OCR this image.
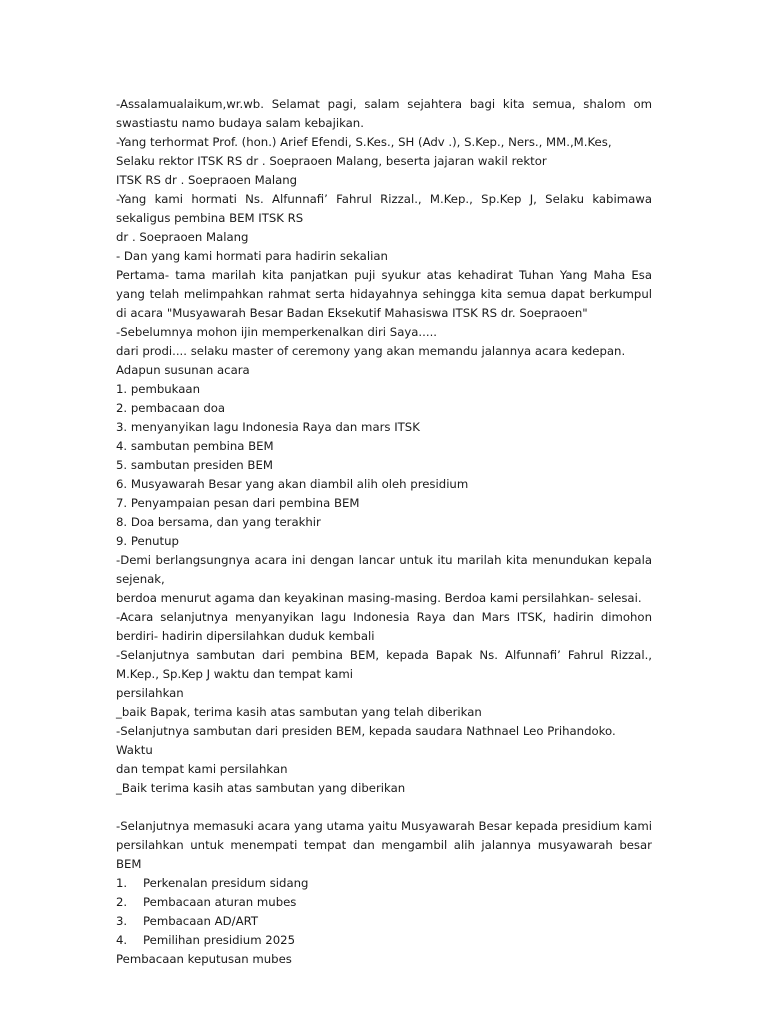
-Assalamualaikum,wr.wb. Selamat pagi, salam sejahtera bagi kita semua, shalom om swastiastu namo budaya salam kebajikan.

-Yang terhormat Prof. (hon.) Arief Efendi, S.Kes., SH (Adv .), S.Kep., Ners., MM.,M.Kes, Selaku rektor ITSK RS dr . Soepraoen Malang, beserta jajaran wakil rektor

ITSK RS dr . Soepraoen Malang

-Yang kami hormati Ns. Alfunnafi’ Fahrul Rizzal., M.Kep., Sp.Kep J, Selaku kabimawa sekaligus pembina BEM ITSK RS

dr . Soepraoen Malang

- Dan yang kami hormati para hadirin sekalian

Pertama- tama marilah kita panjatkan puji syukur atas kehadirat Tuhan Yang Maha Esa yang telah melimpahkan rahmat serta hidayahnya sehingga kita semua dapat berkumpul di acara "Musyawarah Besar Badan Eksekutif Mahasiswa ITSK RS dr. Soepraoen"

-Sebelumnya mohon ijin memperkenalkan diri Saya.....

dari prodi.... selaku master of ceremony yang akan memandu jalannya acara kedepan. Adapun susunan acara

1. pembukaan

2. pembacaan doa

3. menyanyikan lagu Indonesia Raya dan mars ITSK

4. sambutan pembina BEM

5. sambutan presiden BEM

6. Musyawarah Besar yang akan diambil alih oleh presidium

7. Penyampaian pesan dari pembina BEM

8. Doa bersama, dan yang terakhir

9. Penutup

-Demi berlangsungnya acara ini dengan lancar untuk itu marilah kita menundukan kepala sejenak,

berdoa menurut agama dan keyakinan masing-masing. Berdoa kami persilahkan- selesai.

-Acara selanjutnya menyanyikan lagu Indonesia Raya dan Mars ITSK, hadirin dimohon berdiri- hadirin dipersilahkan duduk kembali

-Selanjutnya sambutan dari pembina BEM, kepada Bapak Ns. Alfunnafi’ Fahrul Rizzal., M.Kep., Sp.Kep J waktu dan tempat kami

persilahkan

_baik Bapak, terima kasih atas sambutan yang telah diberikan

-Selanjutnya sambutan dari presiden BEM, kepada saudara Nathnael Leo Prihandoko. Waktu

dan tempat kami persilahkan

_Baik terima kasih atas sambutan yang diberikan

-Selanjutnya memasuki acara yang utama yaitu Musyawarah Besar kepada presidium kami persilahkan untuk menempati tempat dan mengambil alih jalannya musyawarah besar BEM

1.	Perkenalan presidum sidang
2.	Pembacaan aturan mubes
3.	Pembacaan AD/ART
4.	Pemilihan presidium 2025

Pembacaan keputusan mubes
